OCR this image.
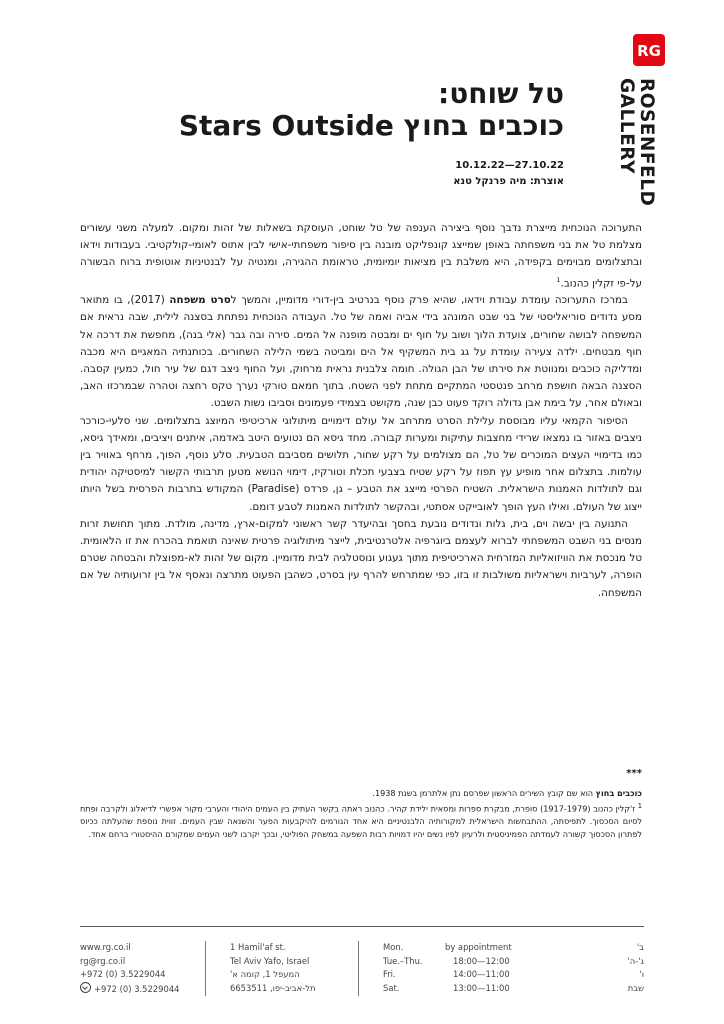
RG
ROSENFELD
GALLERY
טל שוחט:
כוכבים בחוץ Stars Outside
10.12.22—27.10.22
אוצרת: מיה פרנקל טנא

התערוכה הנוכחית מייצרת נדבך נוסף ביצירה הענפה של טל שוחט, העוסקת בשאלות של זהות ומקום. למעלה משני עשורים מצלמת טל את בני משפחתה באופן שמייצג קונפליקט מובנה בין סיפור משפחתי-אישי לבין אתוס לאומי-קולקטיבי. בעבודות וידאו ובתצלומים מבוימים בקפידה, היא משלבת בין מציאות יומיומית, טראומת ההגירה, ומנטיה על לבנטיניות אוטופית ברוח הבשורה על-פי זקלין כהנוב.$^1$

במרכז התערוכה עומדת עבודת וידאו, שהיא פרק נוסף בנרטיב בין-דורי מדומיין, והמשך לסרט משפחה (2017), בו מתואר מסע נדודים סוריאליסטי של בני שבט המונהג בידי אביה ואמה של טל. העבודה הנוכחית נפתחת בסצנה לילית, שבה נראית אם המשפחה לבושה שחורים, צועדת הלוך ושוב על חוף ים ומבטה מופנה אל המים. סירה ובה גבר (אלי בנה), מחפשת את דרכה אל חוף מבטחים. ילדה צעירה עומדת על גג בית המשקיף אל הים ומביטה בשמי הלילה השחורים. בכותנתיה המאגיים היא מכבה ומדליקה כוכבים ומנווטת את סירתו של הבן הגולה. חומה צלבנית נראית מרחוק, ועל החוף ניצב דגם של עיר חול, כמעין קסבה. הסצנה הבאה חושפת מרחב פנטסטי המתקיים מתחת לפני השטח. בתוך חמאם טורקי נערך טקס רחצה וטהרה שבמרכזו האב, ובאולם אחר, על בימת אבן גדולה רוקד פעוט כבן שנה, מקושט בצמידי פעמונים וסביבו נשות השבט.

הסיפור הקמאי עליו מבוססת עלילת הסרט מתרחב אל עולם דימויים מיתולוגי ארכיטיפי המיוצג בתצלומים. שני סלעי-כורכר ניצבים באזור בו נמצאו שרידי מחצבות עתיקות ומערות קבורה. מחד גיסא הם נטועים היטב באדמה, איתנים ויציבים, ומאידך גיסא, כמו בדימויי העצים המוכרים של טל, הם מצולמים על רקע שחור, תלושים מסביבם הטבעית. סלע נוסף, הפוך, מרחף באוויר בין עולמות. בתצלום אחר מופיע עץ תפוז על רקע שטיח בצבעי תכלת וטורקיז, דימוי הנושא מטען תרבותי הקשור למיסטיקה יהודית וגם לתולדות האמנות הישראלית. השטיח הפרסי מייצג את הטבע – גן, פרדס (Paradise) המקודש בתרבות הפרסית בשל היותו ייצוג של העולם. ואילו העץ הופך לאובייקט אסתטי, ובהקשר לתולדות האמנות לטבע דומם.

התנועה בין יבשה וים, בית, גלות ונדודים נובעת בחסך ובהיעדר קשר ראשוני למקום-ארץ, מדינה, מולדת. מתוך תחושת זרות מנסים בני השבט המשפחתי לברוא לעצמם ביוגרפיה אלטרנטיבית, לייצר מיתולוגיה פרטית שאינה תואמת בהכרח את זו הלאומית. טל מנכסת את הוויזואליות המזרחית הארכיטיפית מתוך געגוע ונוסטלגיה לבית מדומיין. מקום של זהות לא-מפוצלת והבטחה שטרם הופרה, לערביות וישראליות משולבות זו בזו, כפי שמתרחש להרף עין בסרט, כשהבן הפעוט מתרצה ונאסף אל בין זרועותיה של אם המשפחה.

***

כוכבים בחוץ הוא שם קובץ השירים הראשון שפרסם נתן אלתרמן בשנת 1938.

$^1$ ז'קלין כהנוב (1917-1979) סופרת, מבקרת ספרות ומסאית ילידת קהיר. כהנוב ראתה בקשר העתיק בין העמים היהודי והערבי מקור אפשרי לדיאלוג ולקרבה ופתח לסיום הסכסוך. לתפיסתה, ההתבחשות הישראלית למקורותיה הלבנטיניים היא אחד הגורמים להיקבעות הפער והשנאה שבין העמים. זווית נוספת שהעלתה ככיוס לפתרון הסכסוך קשורה לעמדתה הפמיניסטית ולרעיון לפיו נשים יהיו דמויות רבות השפעה במשחק הפוליטי, ובכך יקרבו לשני העמים שמקורם ההיסטורי ברחם אחד.

www.rg.co.il
rg@rg.co.il
+972 (0) 3.5229044
+972 (0) 3.5229044
1 Hamil'af st.
Tel Aviv Yafo, Israel
המעפל 1, קומה א'
תל-אביב-יפו, 6653511
Mon.
Tue.–Thu.
Fri.
Sat.
by appointment
18:00—12:00
14:00—11:00
13:00—11:00
ב'
ג'-ה'
ו'
שבת
